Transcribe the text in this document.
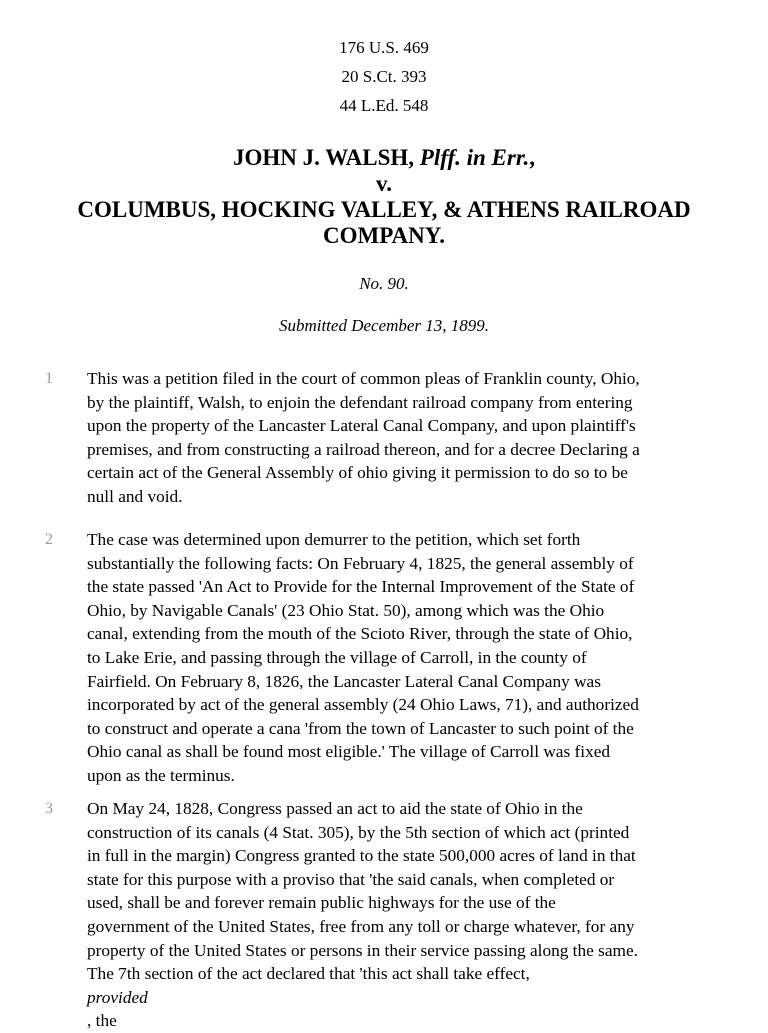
176 U.S. 469
20 S.Ct. 393
44 L.Ed. 548
JOHN J. WALSH, Plff. in Err.,
v.
COLUMBUS, HOCKING VALLEY, & ATHENS RAILROAD
COMPANY.
No. 90.
Submitted December 13, 1899.
1 This was a petition filed in the court of common pleas of Franklin county, Ohio,
by the plaintiff, Walsh, to enjoin the defendant railroad company from entering
upon the property of the Lancaster Lateral Canal Company, and upon plaintiff's
premises, and from constructing a railroad thereon, and for a decree Declaring a
certain act of the General Assembly of ohio giving it permission to do so to be
null and void.
2 The case was determined upon demurrer to the petition, which set forth
substantially the following facts: On February 4, 1825, the general assembly of
the state passed 'An Act to Provide for the Internal Improvement of the State of
Ohio, by Navigable Canals' (23 Ohio Stat. 50), among which was the Ohio
canal, extending from the mouth of the Scioto River, through the state of Ohio,
to Lake Erie, and passing through the village of Carroll, in the county of
Fairfield. On February 8, 1826, the Lancaster Lateral Canal Company was
incorporated by act of the general assembly (24 Ohio Laws, 71), and authorized
to construct and operate a cana 'from the town of Lancaster to such point of the
Ohio canal as shall be found most eligible.' The village of Carroll was fixed
upon as the terminus.
3 On May 24, 1828, Congress passed an act to aid the state of Ohio in the
construction of its canals (4 Stat. 305), by the 5th section of which act (printed
in full in the margin) Congress granted to the state 500,000 acres of land in that
state for this purpose with a proviso that 'the said canals, when completed or
used, shall be and forever remain public highways for the use of the
government of the United States, free from any toll or charge whatever, for any
property of the United States or persons in their service passing along the same.
The 7th section of the act declared that 'this act shall take effect,
provided
, the
